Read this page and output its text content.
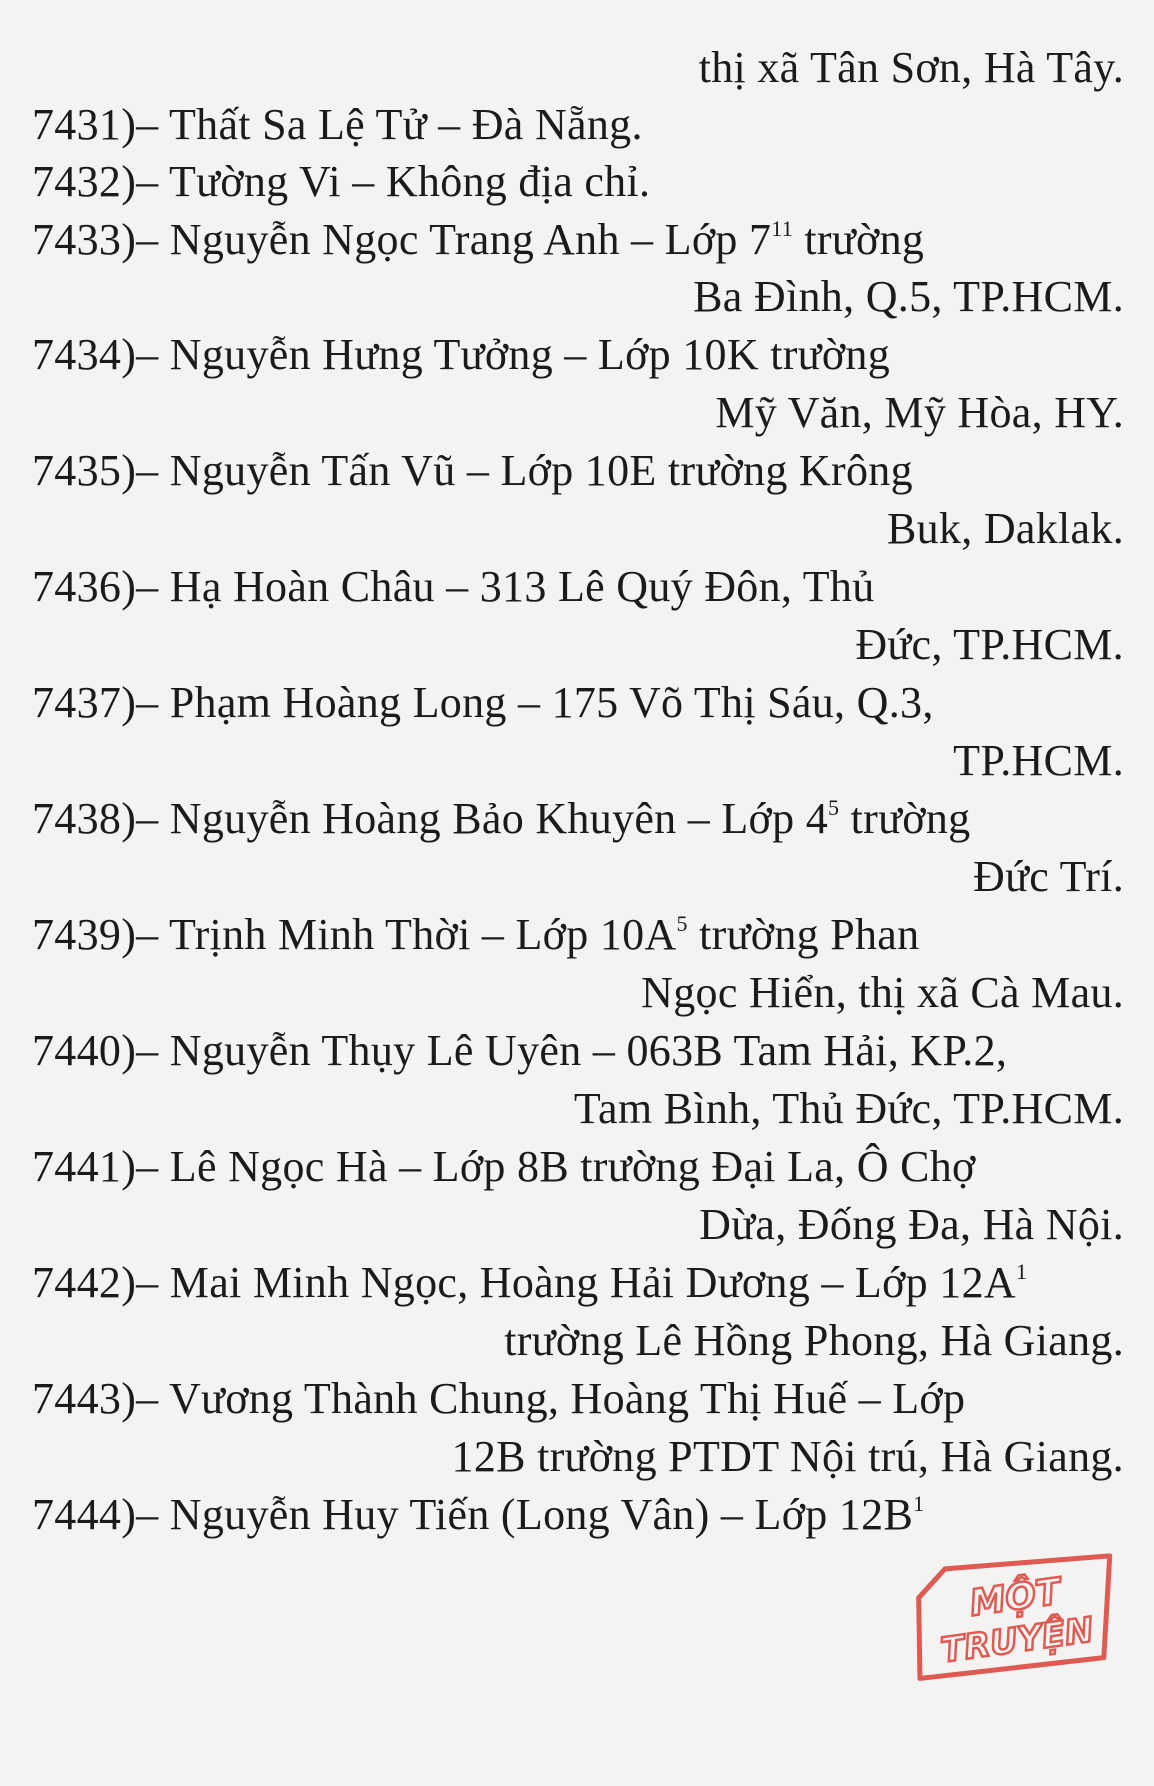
thị xã Tân Sơn, Hà Tây.
7431)– Thất Sa Lệ Tử – Đà Nẵng.
7432)– Tường Vi – Không địa chỉ.
7433)– Nguyễn Ngọc Trang Anh – Lớp $7^{11}$ trường
Ba Đình, Q.5, TP.HCM.
7434)– Nguyễn Hưng Tưởng – Lớp 10K trường
Mỹ Văn, Mỹ Hòa, HY.
7435)– Nguyễn Tấn Vũ – Lớp 10E trường Krông
Buk, Daklak.
7436)– Hạ Hoàn Châu – 313 Lê Quý Đôn, Thủ
Đức, TP.HCM.
7437)– Phạm Hoàng Long – 175 Võ Thị Sáu, Q.3,
TP.HCM.
7438)– Nguyễn Hoàng Bảo Khuyên – Lớp $4^5$ trường
Đức Trí.
7439)– Trịnh Minh Thời – Lớp $10A^5$ trường Phan
Ngọc Hiển, thị xã Cà Mau.
7440)– Nguyễn Thụy Lê Uyên – 063B Tam Hải, KP.2,
Tam Bình, Thủ Đức, TP.HCM.
7441)– Lê Ngọc Hà – Lớp 8B trường Đại La, Ô Chợ
Dừa, Đống Đa, Hà Nội.
7442)– Mai Minh Ngọc, Hoàng Hải Dương – Lớp $12A^1$
trường Lê Hồng Phong, Hà Giang.
7443)– Vương Thành Chung, Hoàng Thị Huế – Lớp
12B trường PTDT Nội trú, Hà Giang.
7444)– Nguyễn Huy Tiến (Long Vân) – Lớp $12B^1$
MỘT
TRUYỆN
